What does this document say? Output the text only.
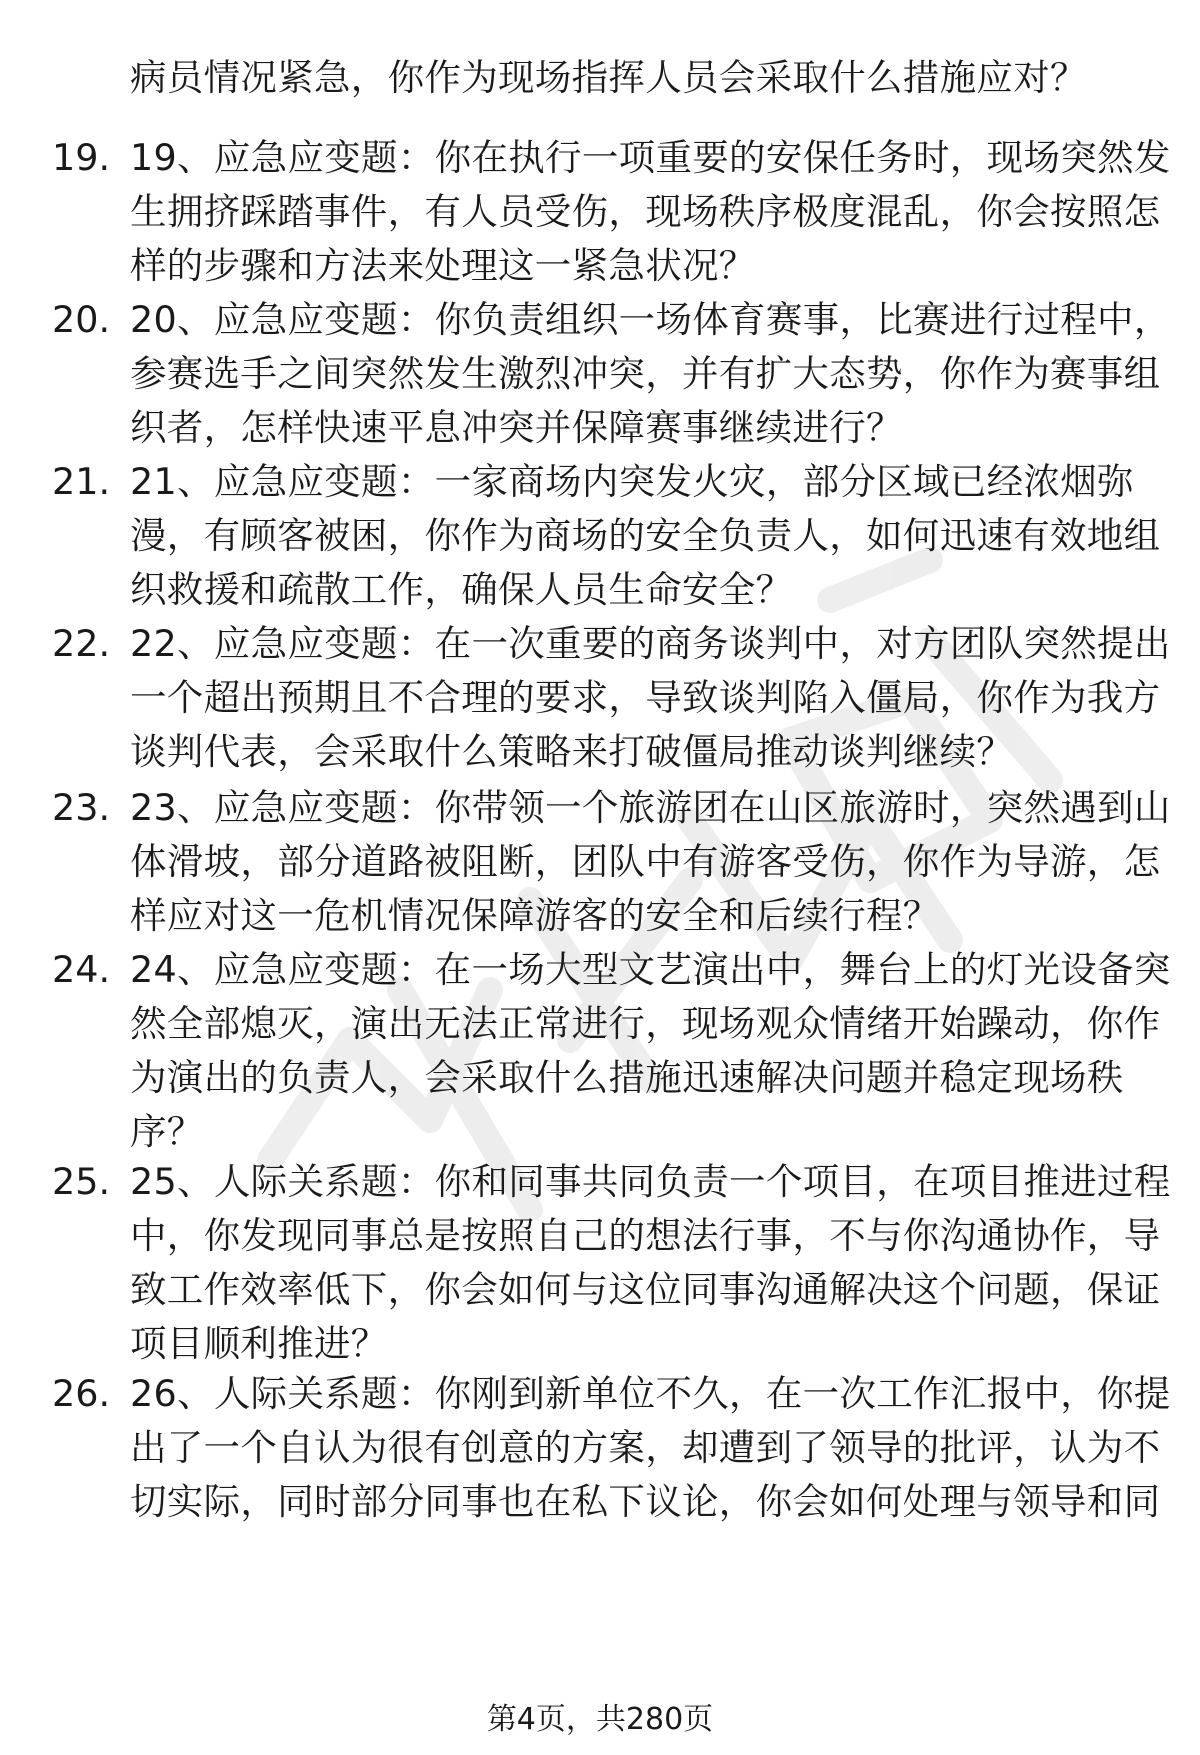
病员情况紧急，你作为现场指挥人员会采取什么措施应对？
19. 19、应急应变题：你在执行一项重要的安保任务时，现场突然发
生拥挤踩踏事件，有人员受伤，现场秩序极度混乱，你会按照怎
样的步骤和方法来处理这一紧急状况？
20. 20、应急应变题：你负责组织一场体育赛事，比赛进行过程中，
参赛选手之间突然发生激烈冲突，并有扩大态势，你作为赛事组
织者，怎样快速平息冲突并保障赛事继续进行？
21. 21、应急应变题：一家商场内突发火灾，部分区域已经浓烟弥
漫，有顾客被困，你作为商场的安全负责人，如何迅速有效地组
织救援和疏散工作，确保人员生命安全？
22. 22、应急应变题：在一次重要的商务谈判中，对方团队突然提出
一个超出预期且不合理的要求，导致谈判陷入僵局，你作为我方
谈判代表，会采取什么策略来打破僵局推动谈判继续？
23. 23、应急应变题：你带领一个旅游团在山区旅游时，突然遇到山
体滑坡，部分道路被阻断，团队中有游客受伤，你作为导游，怎
样应对这一危机情况保障游客的安全和后续行程？
24. 24、应急应变题：在一场大型文艺演出中，舞台上的灯光设备突
然全部熄灭，演出无法正常进行，现场观众情绪开始躁动，你作
为演出的负责人，会采取什么措施迅速解决问题并稳定现场秩
序？
25. 25、人际关系题：你和同事共同负责一个项目，在项目推进过程
中，你发现同事总是按照自己的想法行事，不与你沟通协作，导
致工作效率低下，你会如何与这位同事沟通解决这个问题，保证
项目顺利推进？
26. 26、人际关系题：你刚到新单位不久，在一次工作汇报中，你提
出了一个自认为很有创意的方案，却遭到了领导的批评，认为不
切实际，同时部分同事也在私下议论，你会如何处理与领导和同
第4页，共280页
